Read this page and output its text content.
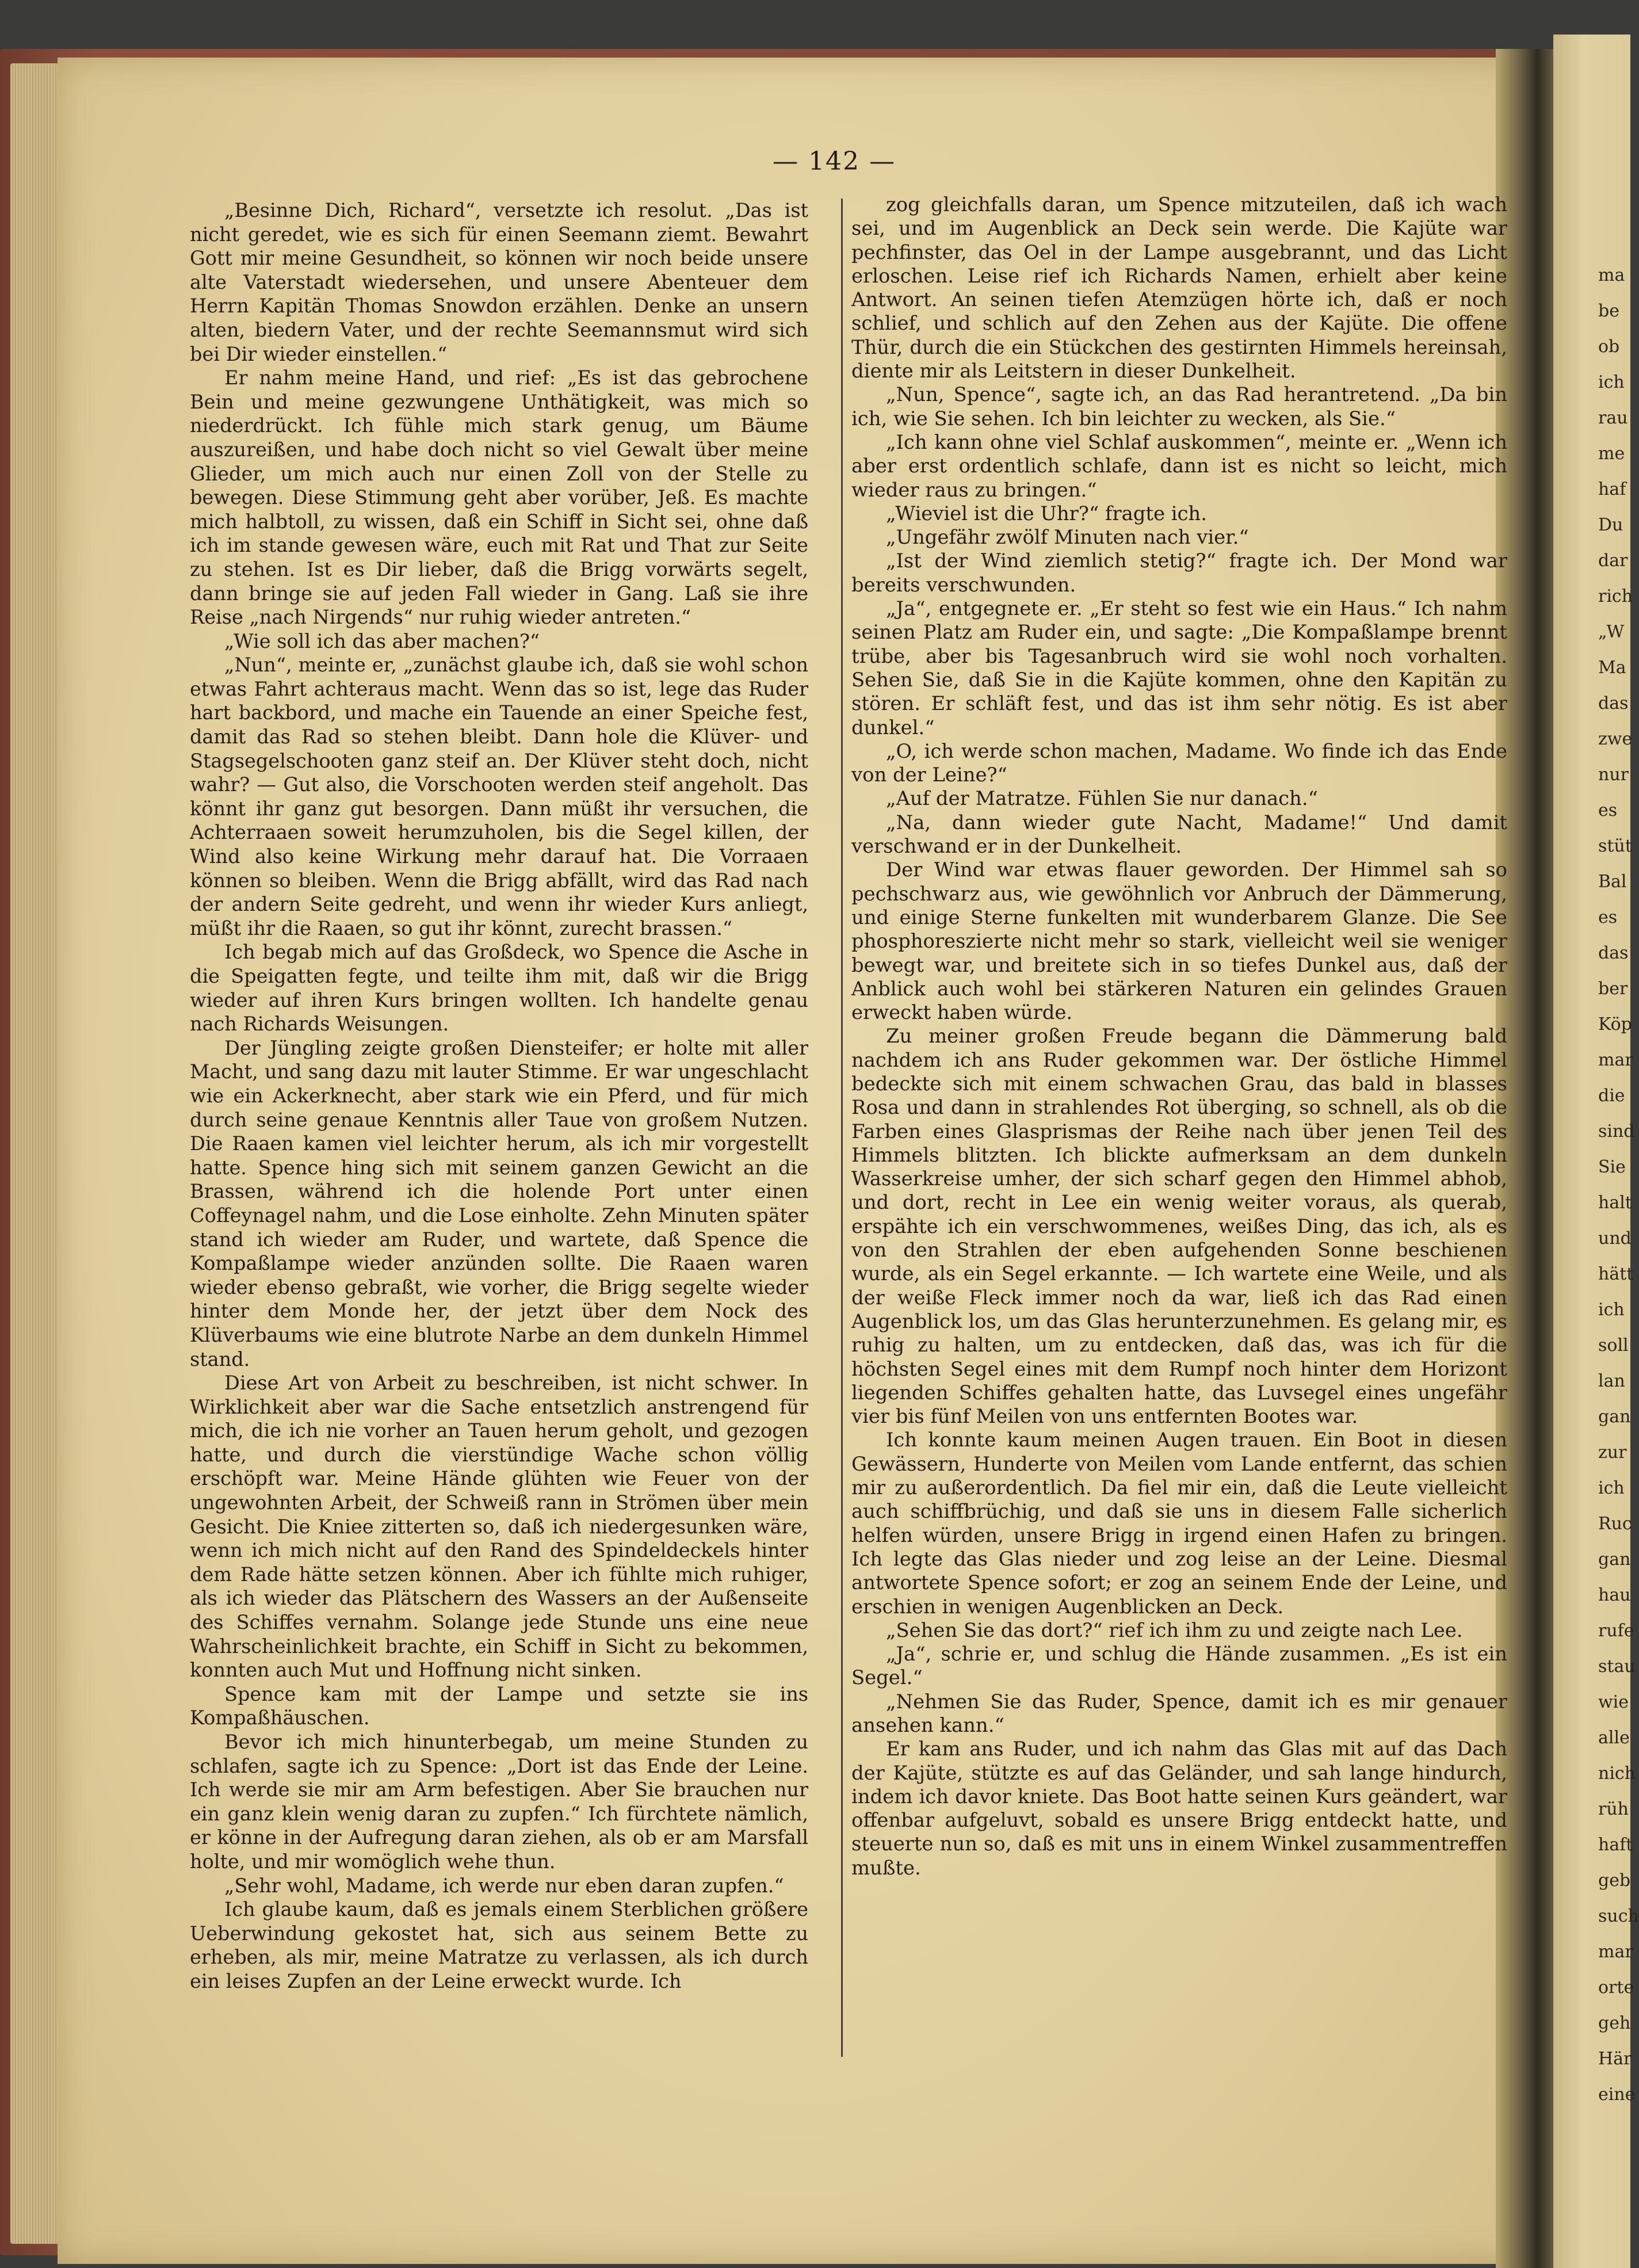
ma
be
ob
ich
rau
me
haf
Du
dar
rich
„W
Ma
das
zwe
nur
es
stüt
Bal
es
das
ber
Köp
mar
die
sind
Sie
halt
und
hätt
ich
soll
lan
gan
zur
ich
Ruc
gan
hau
rufe
stau
wie
alle
nich
rüh
haft
geb
such
mar
orte
geh
Här
eine
— 142 —

„Besinne Dich, Richard“, versetzte ich resolut. „Das ist nicht geredet, wie es sich für einen Seemann ziemt. Bewahrt Gott mir meine Gesundheit, so können wir noch beide unsere alte Vaterstadt wiedersehen, und unsere Abenteuer dem Herrn Kapitän Thomas Snowdon erzählen. Denke an unsern alten, biedern Vater, und der rechte Seemannsmut wird sich bei Dir wieder einstellen.“

Er nahm meine Hand, und rief: „Es ist das gebrochene Bein und meine gezwungene Unthätigkeit, was mich so niederdrückt. Ich fühle mich stark genug, um Bäume auszureißen, und habe doch nicht so viel Gewalt über meine Glieder, um mich auch nur einen Zoll von der Stelle zu bewegen. Diese Stimmung geht aber vorüber, Jeß. Es machte mich halbtoll, zu wissen, daß ein Schiff in Sicht sei, ohne daß ich im stande gewesen wäre, euch mit Rat und That zur Seite zu stehen. Ist es Dir lieber, daß die Brigg vorwärts segelt, dann bringe sie auf jeden Fall wieder in Gang. Laß sie ihre Reise „nach Nirgends“ nur ruhig wieder antreten.“

„Wie soll ich das aber machen?“

„Nun“, meinte er, „zunächst glaube ich, daß sie wohl schon etwas Fahrt achteraus macht. Wenn das so ist, lege das Ruder hart backbord, und mache ein Tauende an einer Speiche fest, damit das Rad so stehen bleibt. Dann hole die Klüver- und Stagsegelschooten ganz steif an. Der Klüver steht doch, nicht wahr? — Gut also, die Vorschooten werden steif angeholt. Das könnt ihr ganz gut besorgen. Dann müßt ihr versuchen, die Achterraaen soweit herumzuholen, bis die Segel killen, der Wind also keine Wirkung mehr darauf hat. Die Vorraaen können so bleiben. Wenn die Brigg abfällt, wird das Rad nach der andern Seite gedreht, und wenn ihr wieder Kurs anliegt, müßt ihr die Raaen, so gut ihr könnt, zurecht brassen.“

Ich begab mich auf das Großdeck, wo Spence die Asche in die Speigatten fegte, und teilte ihm mit, daß wir die Brigg wieder auf ihren Kurs bringen wollten. Ich handelte genau nach Richards Weisungen.

Der Jüngling zeigte großen Diensteifer; er holte mit aller Macht, und sang dazu mit lauter Stimme. Er war ungeschlacht wie ein Ackerknecht, aber stark wie ein Pferd, und für mich durch seine genaue Kenntnis aller Taue von großem Nutzen. Die Raaen kamen viel leichter herum, als ich mir vorgestellt hatte. Spence hing sich mit seinem ganzen Gewicht an die Brassen, während ich die holende Port unter einen Coffeynagel nahm, und die Lose einholte. Zehn Minuten später stand ich wieder am Ruder, und wartete, daß Spence die Kompaßlampe wieder anzünden sollte. Die Raaen waren wieder ebenso gebraßt, wie vorher, die Brigg segelte wieder hinter dem Monde her, der jetzt über dem Nock des Klüverbaums wie eine blutrote Narbe an dem dunkeln Himmel stand.

Diese Art von Arbeit zu beschreiben, ist nicht schwer. In Wirklichkeit aber war die Sache entsetzlich anstrengend für mich, die ich nie vorher an Tauen herum geholt, und gezogen hatte, und durch die vierstündige Wache schon völlig erschöpft war. Meine Hände glühten wie Feuer von der ungewohnten Arbeit, der Schweiß rann in Strömen über mein Gesicht. Die Kniee zitterten so, daß ich niedergesunken wäre, wenn ich mich nicht auf den Rand des Spindeldeckels hinter dem Rade hätte setzen können. Aber ich fühlte mich ruhiger, als ich wieder das Plätschern des Wassers an der Außenseite des Schiffes vernahm. Solange jede Stunde uns eine neue Wahrscheinlichkeit brachte, ein Schiff in Sicht zu bekommen, konnten auch Mut und Hoffnung nicht sinken.

Spence kam mit der Lampe und setzte sie ins Kompaßhäuschen.

Bevor ich mich hinunterbegab, um meine Stunden zu schlafen, sagte ich zu Spence: „Dort ist das Ende der Leine. Ich werde sie mir am Arm befestigen. Aber Sie brauchen nur ein ganz klein wenig daran zu zupfen.“ Ich fürchtete nämlich, er könne in der Aufregung daran ziehen, als ob er am Marsfall holte, und mir womöglich wehe thun.

„Sehr wohl, Madame, ich werde nur eben daran zupfen.“

Ich glaube kaum, daß es jemals einem Sterblichen größere Ueberwindung gekostet hat, sich aus seinem Bette zu erheben, als mir, meine Matratze zu verlassen, als ich durch ein leises Zupfen an der Leine erweckt wurde. Ich

zog gleichfalls daran, um Spence mitzuteilen, daß ich wach sei, und im Augenblick an Deck sein werde. Die Kajüte war pechfinster, das Oel in der Lampe ausgebrannt, und das Licht erloschen. Leise rief ich Richards Namen, erhielt aber keine Antwort. An seinen tiefen Atemzügen hörte ich, daß er noch schlief, und schlich auf den Zehen aus der Kajüte. Die offene Thür, durch die ein Stückchen des gestirnten Himmels hereinsah, diente mir als Leitstern in dieser Dunkelheit.

„Nun, Spence“, sagte ich, an das Rad herantretend. „Da bin ich, wie Sie sehen. Ich bin leichter zu wecken, als Sie.“

„Ich kann ohne viel Schlaf auskommen“, meinte er. „Wenn ich aber erst ordentlich schlafe, dann ist es nicht so leicht, mich wieder raus zu bringen.“

„Wieviel ist die Uhr?“ fragte ich.

„Ungefähr zwölf Minuten nach vier.“

„Ist der Wind ziemlich stetig?“ fragte ich. Der Mond war bereits verschwunden.

„Ja“, entgegnete er. „Er steht so fest wie ein Haus.“ Ich nahm seinen Platz am Ruder ein, und sagte: „Die Kompaßlampe brennt trübe, aber bis Tagesanbruch wird sie wohl noch vorhalten. Sehen Sie, daß Sie in die Kajüte kommen, ohne den Kapitän zu stören. Er schläft fest, und das ist ihm sehr nötig. Es ist aber dunkel.“

„O, ich werde schon machen, Madame. Wo finde ich das Ende von der Leine?“

„Auf der Matratze. Fühlen Sie nur danach.“

„Na, dann wieder gute Nacht, Madame!“ Und damit verschwand er in der Dunkelheit.

Der Wind war etwas flauer geworden. Der Himmel sah so pechschwarz aus, wie gewöhnlich vor Anbruch der Dämmerung, und einige Sterne funkelten mit wunderbarem Glanze. Die See phosphoreszierte nicht mehr so stark, vielleicht weil sie weniger bewegt war, und breitete sich in so tiefes Dunkel aus, daß der Anblick auch wohl bei stärkeren Naturen ein gelindes Grauen erweckt haben würde.

Zu meiner großen Freude begann die Dämmerung bald nachdem ich ans Ruder gekommen war. Der östliche Himmel bedeckte sich mit einem schwachen Grau, das bald in blasses Rosa und dann in strahlendes Rot überging, so schnell, als ob die Farben eines Glasprismas der Reihe nach über jenen Teil des Himmels blitzten. Ich blickte aufmerksam an dem dunkeln Wasserkreise umher, der sich scharf gegen den Himmel abhob, und dort, recht in Lee ein wenig weiter voraus, als querab, erspähte ich ein verschwommenes, weißes Ding, das ich, als es von den Strahlen der eben aufgehenden Sonne beschienen wurde, als ein Segel erkannte. — Ich wartete eine Weile, und als der weiße Fleck immer noch da war, ließ ich das Rad einen Augenblick los, um das Glas herunterzunehmen. Es gelang mir, es ruhig zu halten, um zu entdecken, daß das, was ich für die höchsten Segel eines mit dem Rumpf noch hinter dem Horizont liegenden Schiffes gehalten hatte, das Luvsegel eines ungefähr vier bis fünf Meilen von uns entfernten Bootes war.

Ich konnte kaum meinen Augen trauen. Ein Boot in diesen Gewässern, Hunderte von Meilen vom Lande entfernt, das schien mir zu außerordentlich. Da fiel mir ein, daß die Leute vielleicht auch schiffbrüchig, und daß sie uns in diesem Falle sicherlich helfen würden, unsere Brigg in irgend einen Hafen zu bringen. Ich legte das Glas nieder und zog leise an der Leine. Diesmal antwortete Spence sofort; er zog an seinem Ende der Leine, und erschien in wenigen Augenblicken an Deck.

„Sehen Sie das dort?“ rief ich ihm zu und zeigte nach Lee.

„Ja“, schrie er, und schlug die Hände zusammen. „Es ist ein Segel.“

„Nehmen Sie das Ruder, Spence, damit ich es mir genauer ansehen kann.“

Er kam ans Ruder, und ich nahm das Glas mit auf das Dach der Kajüte, stützte es auf das Geländer, und sah lange hindurch, indem ich davor kniete. Das Boot hatte seinen Kurs geändert, war offenbar aufgeluvt, sobald es unsere Brigg entdeckt hatte, und steuerte nun so, daß es mit uns in einem Winkel zusammentreffen mußte.
